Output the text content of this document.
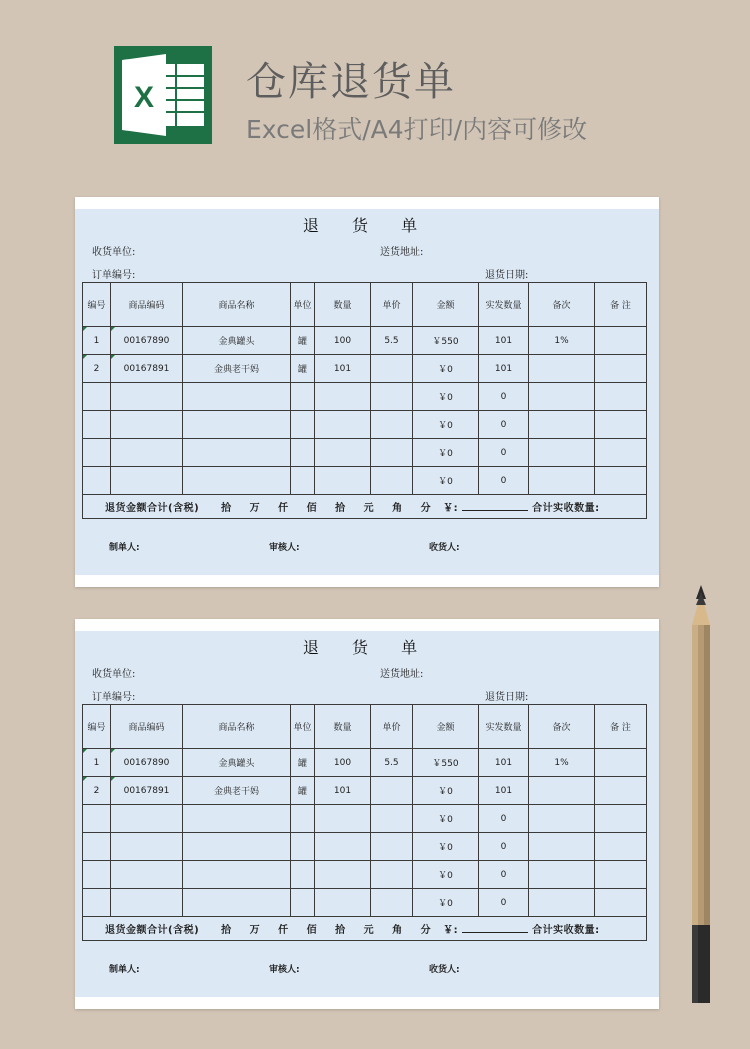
X 仓库退货单
Excel格式/A4打印/内容可修改
退 货 单
收货单位:	送货地址:
订单编号:	退货日期:
编号	商品编码	商品名称	单位	数量	单价	金额	实发数量	备次	备 注
1	00167890	金典罐头	罐	100	5.5	￥550	101	1%	
2	00167891	金典老干妈	罐	101		￥0	101		
						￥0	0		
						￥0	0		
						￥0	0		
						￥0	0		
退货金额合计(含税) 拾 万 仟 佰 拾 元 角 分 ￥: 合计实收数量:									
制单人:	审核人:	收货人:
退 货 单
收货单位:	送货地址:
订单编号:	退货日期:
编号	商品编码	商品名称	单位	数量	单价	金额	实发数量	备次	备 注
1	00167890	金典罐头	罐	100	5.5	￥550	101	1%	
2	00167891	金典老干妈	罐	101		￥0	101		
						￥0	0		
						￥0	0		
						￥0	0		
						￥0	0		
退货金额合计(含税) 拾 万 仟 佰 拾 元 角 分 ￥: 合计实收数量:									
制单人:	审核人:	收货人:
